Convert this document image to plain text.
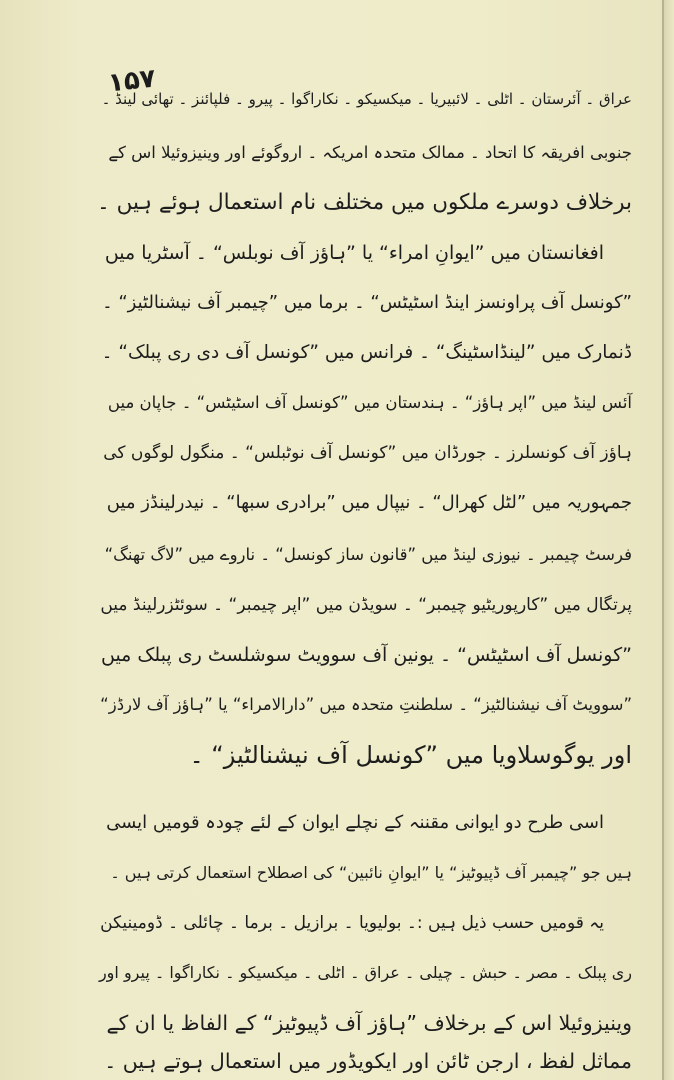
۱۵۷
عراق ۔ آئرستان ۔ اٹلی ۔ لائبیریا ۔ میکسیکو ۔ نکاراگوا ۔ پیرو ۔ فلپائنز ۔ تھائی لینڈ ۔
جنوبی افریقہ کا اتحاد ۔ ممالک متحدہ امریکہ ۔ اروگوئے اور وینیزوئیلا اس کے
برخلاف دوسرے ملکوں میں مختلف نام استعمال ہوئے ہیں ۔
افغانستان میں ”ایوانِ امراء“ یا ”ہاؤز آف نوبلس“ ۔ آسٹریا میں
”کونسل آف پراونسز اینڈ اسٹیٹس“ ۔ برما میں ”چیمبر آف نیشنالٹیز“ ۔
ڈنمارک میں ”لینڈاسٹینگ“ ۔ فرانس میں ”کونسل آف دی ری پبلک“ ۔
آئس لینڈ میں ”اپر ہاؤز“ ۔ ہندستان میں ”کونسل آف اسٹیٹس“ ۔ جاپان میں
ہاؤز آف کونسلرز ۔ جورڈان میں ”کونسل آف نوٹبلس“ ۔ منگول لوگوں کی
جمہوریہ میں ”لٹل کھرال“ ۔ نیپال میں ”برادری سبھا“ ۔ نیدرلینڈز میں
فرسٹ چیمبر ۔ نیوزی لینڈ میں ”قانون ساز کونسل“ ۔ ناروے میں ”لاگ تھنگ“
پرتگال میں ”کارپوریٹیو چیمبر“ ۔ سویڈن میں ”اپر چیمبر“ ۔ سوئٹزرلینڈ میں
”کونسل آف اسٹیٹس“ ۔ یونین آف سوویٹ سوشلسٹ ری پبلک میں
”سوویٹ آف نیشنالٹیز“ ۔ سلطنتِ متحدہ میں ”دارالامراء“ یا ”ہاؤز آف لارڈز“
اور یوگوسلاویا میں ”کونسل آف نیشنالٹیز“ ۔
اسی طرح دو ایوانی مقننہ کے نچلے ایوان کے لئے چودہ قومیں ایسی
ہیں جو ”چیمبر آف ڈپیوٹیز“ یا ”ایوانِ نائبین“ کی اصطلاح استعمال کرتی ہیں ۔
یہ قومیں حسب ذیل ہیں :۔ بولیویا ۔ برازیل ۔ برما ۔ چائلی ۔ ڈومینیکن
ری پبلک ۔ مصر ۔ حبش ۔ چیلی ۔ عراق ۔ اٹلی ۔ میکسیکو ۔ نکاراگوا ۔ پیرو اور
وینیزوئیلا اس کے برخلاف ”ہاؤز آف ڈپیوٹیز“ کے الفاظ یا ان کے
مماثل لفظ ، ارجن ٹائن اور ایکویڈور میں استعمال ہوتے ہیں ۔
